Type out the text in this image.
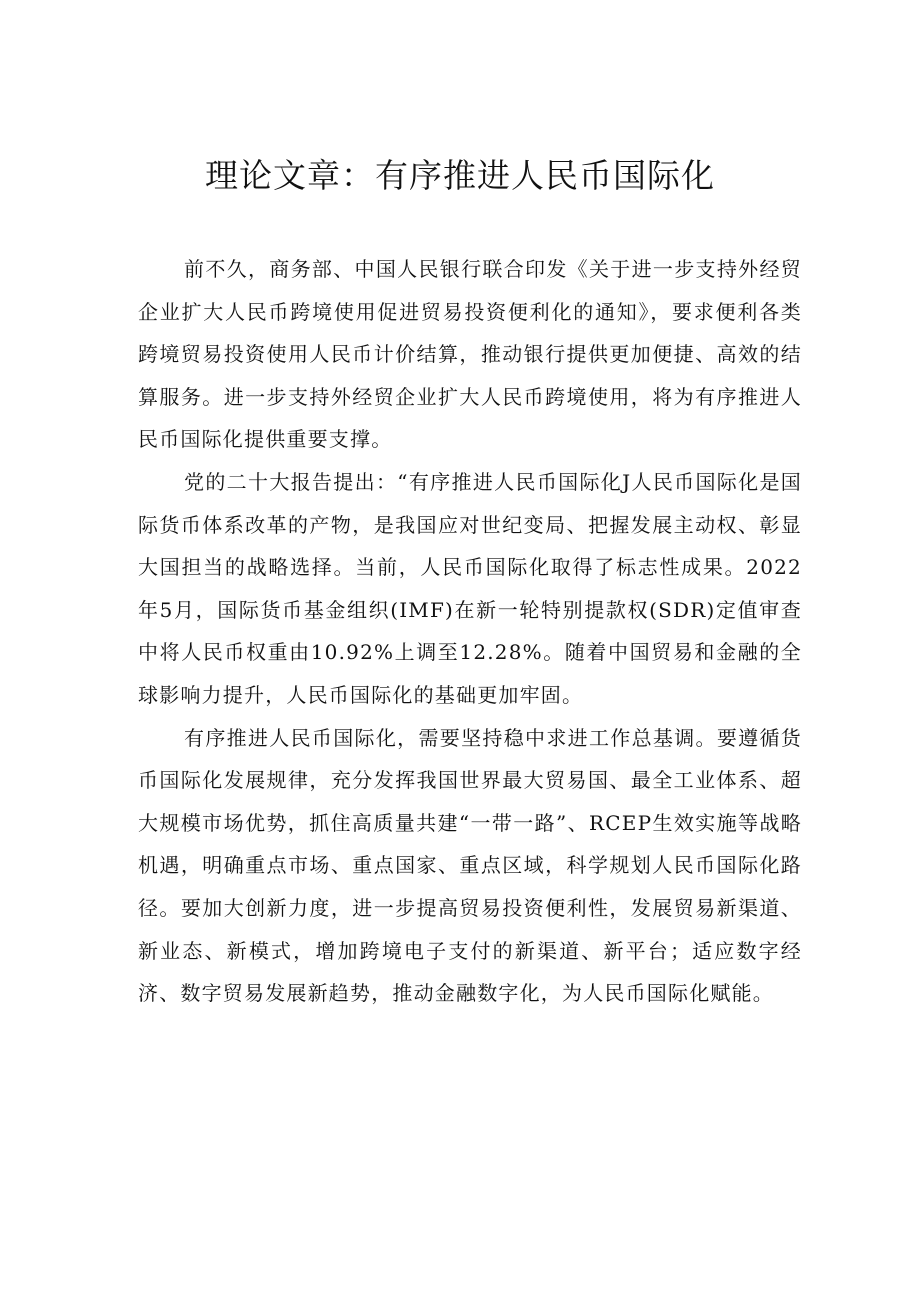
理论文章：有序推进人民币国际化

前不久，商务部、中国人民银行联合印发《关于进一步支持外经贸企业扩大人民币跨境使用促进贸易投资便利化的通知》，要求便利各类跨境贸易投资使用人民币计价结算，推动银行提供更加便捷、高效的结算服务。进一步支持外经贸企业扩大人民币跨境使用，将为有序推进人民币国际化提供重要支撑。

党的二十大报告提出：“有序推进人民币国际化J人民币国际化是国际货币体系改革的产物，是我国应对世纪变局、把握发展主动权、彰显大国担当的战略选择。当前，人民币国际化取得了标志性成果。2022年5月，国际货币基金组织(IMF)在新一轮特别提款权(SDR)定值审查中将人民币权重由10.92%上调至12.28%。随着中国贸易和金融的全球影响力提升，人民币国际化的基础更加牢固。

有序推进人民币国际化，需要坚持稳中求进工作总基调。要遵循货币国际化发展规律，充分发挥我国世界最大贸易国、最全工业体系、超大规模市场优势，抓住高质量共建“一带一路”、RCEP生效实施等战略机遇，明确重点市场、重点国家、重点区域，科学规划人民币国际化路径。要加大创新力度，进一步提高贸易投资便利性，发展贸易新渠道、新业态、新模式，增加跨境电子支付的新渠道、新平台；适应数字经济、数字贸易发展新趋势，推动金融数字化，为人民币国际化赋能。
